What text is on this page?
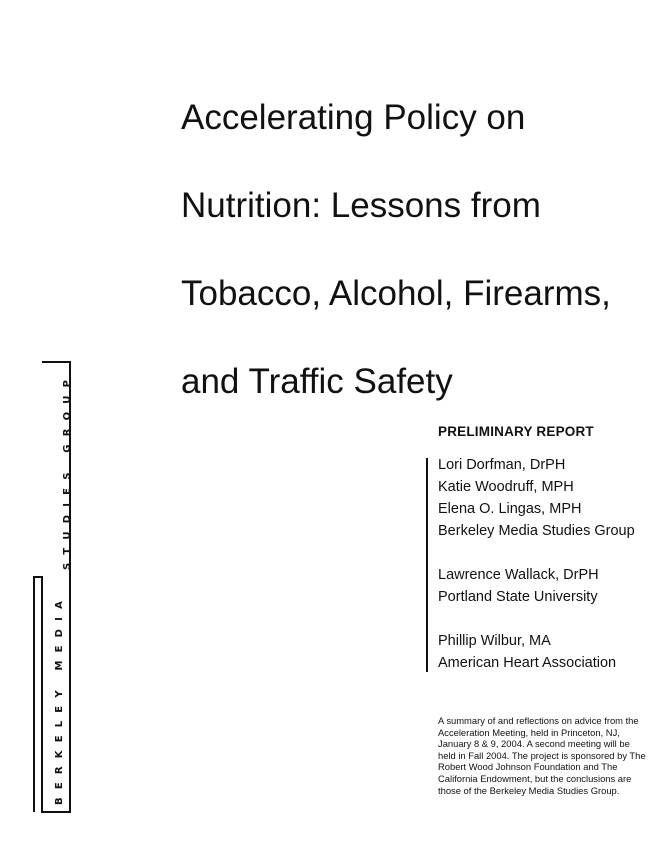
BERKELEY MEDIA
STUDIES GROUP
Accelerating Policy on
Nutrition: Lessons from
Tobacco, Alcohol, Firearms,
and Traffic Safety
PRELIMINARY REPORT
Lori Dorfman, DrPH
Katie Woodruff, MPH
Elena O. Lingas, MPH
Berkeley Media Studies Group
Lawrence Wallack, DrPH
Portland State University
Phillip Wilbur, MA
American Heart Association

A summary of and reflections on advice from the Acceleration Meeting, held in Princeton, NJ, January 8 & 9, 2004. A second meeting will be held in Fall 2004. The project is sponsored by The Robert Wood Johnson Foundation and The California Endowment, but the conclusions are those of the Berkeley Media Studies Group.
